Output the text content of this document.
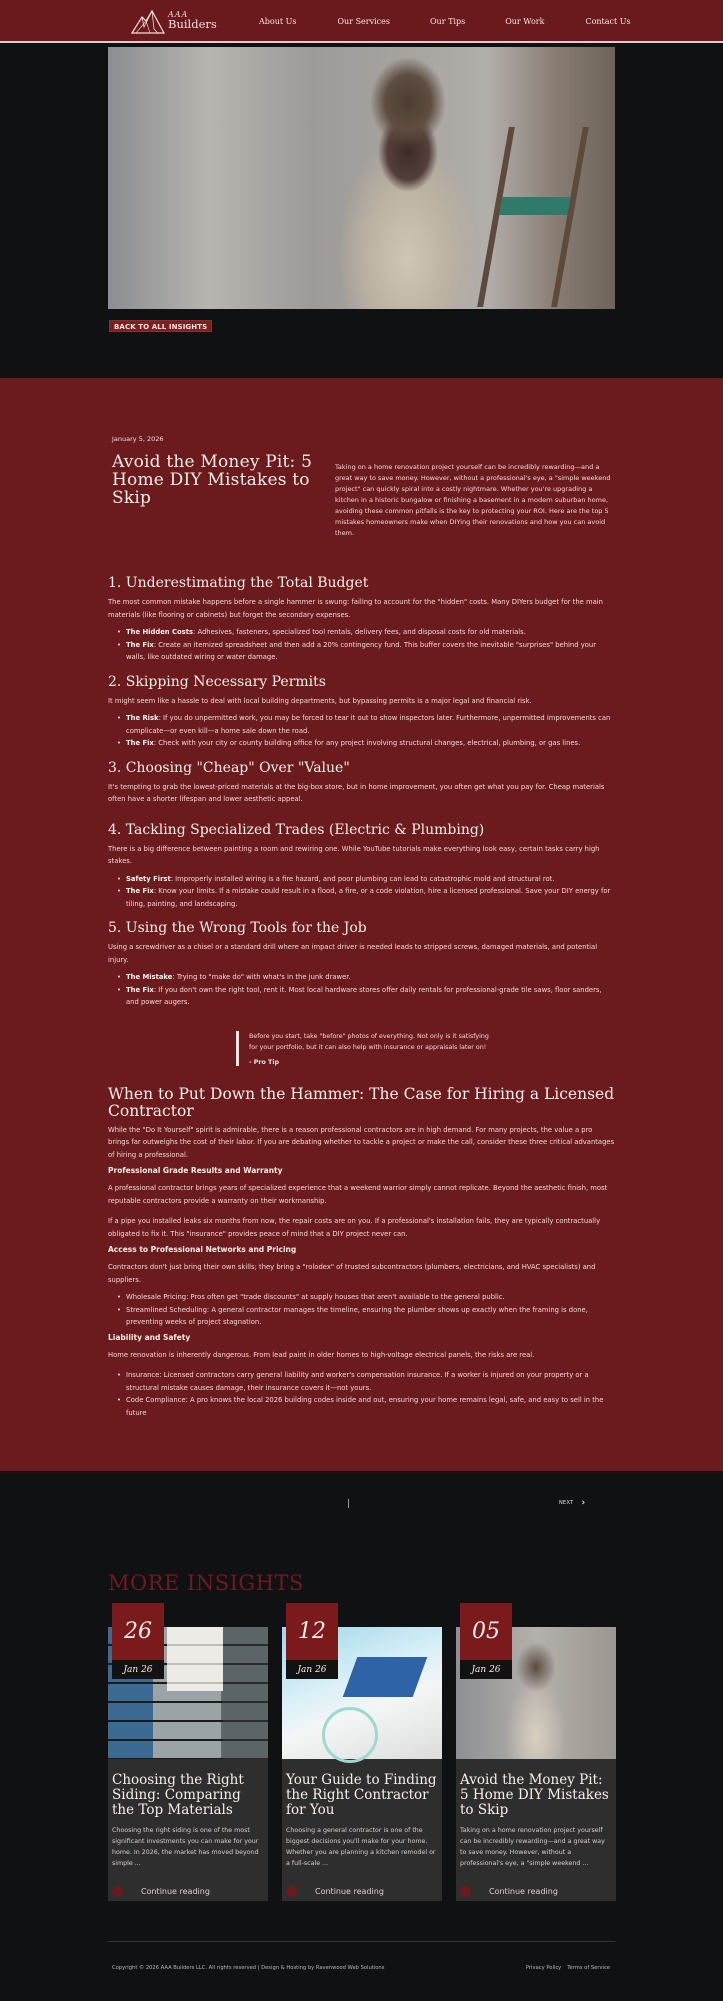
AAA
Builders	About Us	Our Services	Our Tips	Our Work	Contact Us
BACK TO ALL INSIGHTS
January 5, 2026
Avoid the Money Pit: 5 Home DIY Mistakes to Skip

Taking on a home renovation project yourself can be incredibly rewarding—and a great way to save money. However, without a professional's eye, a "simple weekend project" can quickly spiral into a costly nightmare. Whether you're upgrading a kitchen in a historic bungalow or finishing a basement in a modern suburban home, avoiding these common pitfalls is the key to protecting your ROI. Here are the top 5 mistakes homeowners make when DIYing their renovations and how you can avoid them.

1. Underestimating the Total Budget

The most common mistake happens before a single hammer is swung: failing to account for the "hidden" costs. Many DIYers budget for the main materials (like flooring or cabinets) but forget the secondary expenses.

• The Hidden Costs: Adhesives, fasteners, specialized tool rentals, delivery fees, and disposal costs for old materials.
• The Fix: Create an itemized spreadsheet and then add a 20% contingency fund. This buffer covers the inevitable "surprises" behind your walls, like outdated wiring or water damage.
2. Skipping Necessary Permits

It might seem like a hassle to deal with local building departments, but bypassing permits is a major legal and financial risk.

• The Risk: If you do unpermitted work, you may be forced to tear it out to show inspectors later. Furthermore, unpermitted improvements can complicate—or even kill—a home sale down the road.
• The Fix: Check with your city or county building office for any project involving structural changes, electrical, plumbing, or gas lines.
3. Choosing "Cheap" Over "Value"

It's tempting to grab the lowest-priced materials at the big-box store, but in home improvement, you often get what you pay for. Cheap materials often have a shorter lifespan and lower aesthetic appeal.

4. Tackling Specialized Trades (Electric & Plumbing)

There is a big difference between painting a room and rewiring one. While YouTube tutorials make everything look easy, certain tasks carry high stakes.

• Safety First: Improperly installed wiring is a fire hazard, and poor plumbing can lead to catastrophic mold and structural rot.
• The Fix: Know your limits. If a mistake could result in a flood, a fire, or a code violation, hire a licensed professional. Save your DIY energy for tiling, painting, and landscaping.
5. Using the Wrong Tools for the Job

Using a screwdriver as a chisel or a standard drill where an impact driver is needed leads to stripped screws, damaged materials, and potential injury.

• The Mistake: Trying to "make do" with what's in the junk drawer.
• The Fix: If you don't own the right tool, rent it. Most local hardware stores offer daily rentals for professional-grade tile saws, floor sanders, and power augers.
Before you start, take "before" photos of everything. Not only is it satisfying for your portfolio, but it can also help with insurance or appraisals later on!
- Pro Tip
When to Put Down the Hammer: The Case for Hiring a Licensed Contractor

While the "Do It Yourself" spirit is admirable, there is a reason professional contractors are in high demand. For many projects, the value a pro brings far outweighs the cost of their labor. If you are debating whether to tackle a project or make the call, consider these three critical advantages of hiring a professional.

Professional Grade Results and Warranty

A professional contractor brings years of specialized experience that a weekend warrior simply cannot replicate. Beyond the aesthetic finish, most reputable contractors provide a warranty on their workmanship.

If a pipe you installed leaks six months from now, the repair costs are on you. If a professional's installation fails, they are typically contractually obligated to fix it. This "insurance" provides peace of mind that a DIY project never can.

Access to Professional Networks and Pricing

Contractors don't just bring their own skills; they bring a "rolodex" of trusted subcontractors (plumbers, electricians, and HVAC specialists) and suppliers.

• Wholesale Pricing: Pros often get "trade discounts" at supply houses that aren't available to the general public.
• Streamlined Scheduling: A general contractor manages the timeline, ensuring the plumber shows up exactly when the framing is done, preventing weeks of project stagnation.
Liability and Safety

Home renovation is inherently dangerous. From lead paint in older homes to high-voltage electrical panels, the risks are real.

• Insurance: Licensed contractors carry general liability and worker's compensation insurance. If a worker is injured on your property or a structural mistake causes damage, their insurance covers it—not yours.
• Code Compliance: A pro knows the local 2026 building codes inside and out, ensuring your home remains legal, safe, and easy to sell in the future
NEXT ›
MORE INSIGHTS
26
Jan 26
Choosing the Right Siding: Comparing the Top Materials

Choosing the right siding is one of the most significant investments you can make for your home. In 2026, the market has moved beyond simple ...

Continue reading
12
Jan 26
Your Guide to Finding the Right Contractor for You

Choosing a general contractor is one of the biggest decisions you'll make for your home. Whether you are planning a kitchen remodel or a full-scale ...

Continue reading
05
Jan 26
Avoid the Money Pit: 5 Home DIY Mistakes to Skip

Taking on a home renovation project yourself can be incredibly rewarding—and a great way to save money. However, without a professional's eye, a "simple weekend ...

Continue reading
Copyright © 2026 AAA Builders LLC. All rights reserved | Design & Hosting by Ravenwood Web Solutions	Privacy Policy Terms of Service
